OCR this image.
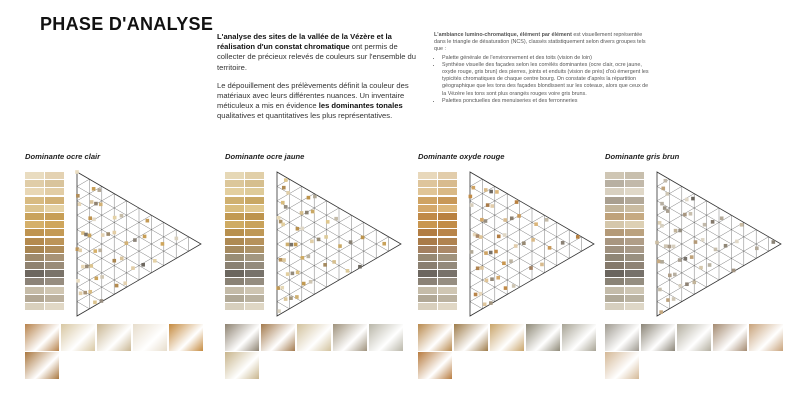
PHASE D'ANALYSE

L'analyse des sites de la vallée de la Vézère et la réalisation d'un constat chromatique ont permis de collecter de précieux relevés de couleurs sur l'ensemble du territoire.

Le dépouillement des prélèvements définit la couleur des matériaux avec leurs différentes nuances. Un inventaire méticuleux a mis en évidence les dominantes tonales qualitatives et quantitatives les plus représentatives.

L'ambiance lumino-chromatique, élément par élément est visuellement représentée dans le triangle de désaturation (NCS), classés statistiquement selon divers groupes tels que :

• Palette générale de l'environnement et des toits (vision de loin)
• Synthèse visuelle des façades selon les corrélés dominantes (ocre clair, ocre jaune, oxyde rouge, gris brun) des pierres, joints et enduits (vision de près) d'où émergent les typicités chromatiques de chaque centre bourg. On constate d'après la répartition géographique que les tons des façades blondissent sur les coteaux, alors que ceux de la Vézère les tons sont plus orangés rouges voire gris bruns.
• Palettes ponctuelles des menuiseries et des ferronneries
Dominante ocre clair	Dominante ocre jaune	Dominante oxyde rouge	Dominante gris brun
